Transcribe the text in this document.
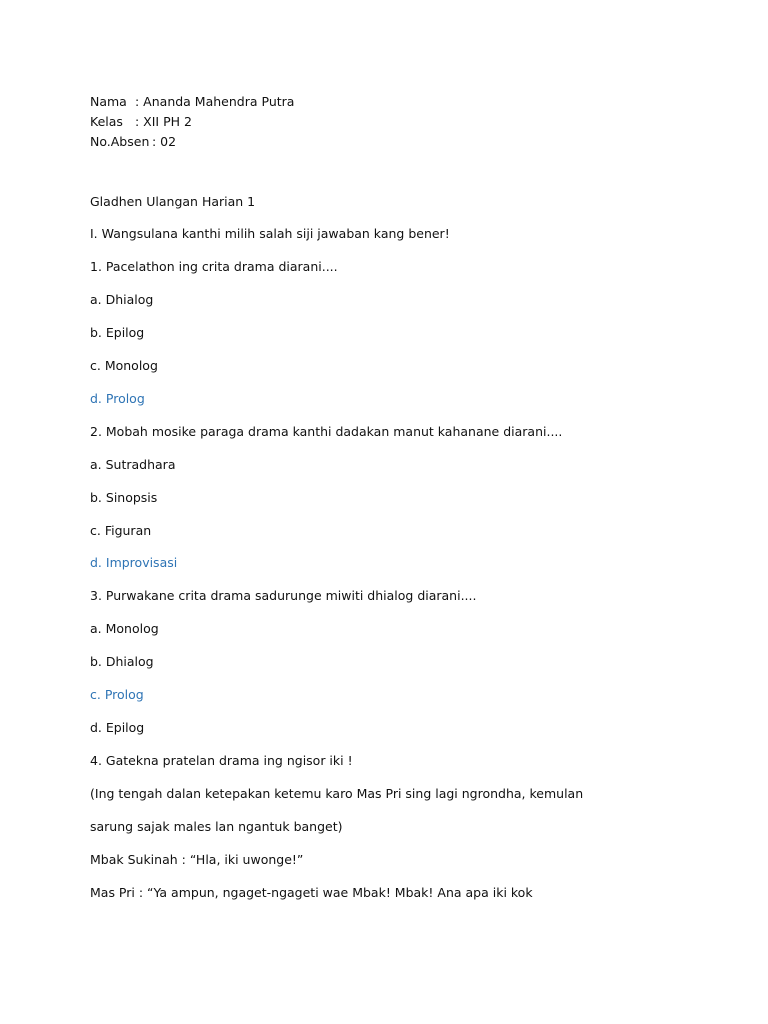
Nama : Ananda Mahendra Putra
Kelas : XII PH 2
No.Absen : 02
Gladhen Ulangan Harian 1
I. Wangsulana kanthi milih salah siji jawaban kang bener!
1. Pacelathon ing crita drama diarani....
a. Dhialog
b. Epilog
c. Monolog
d. Prolog
2. Mobah mosike paraga drama kanthi dadakan manut kahanane diarani....
a. Sutradhara
b. Sinopsis
c. Figuran
d. Improvisasi
3. Purwakane crita drama sadurunge miwiti dhialog diarani....
a. Monolog
b. Dhialog
c. Prolog
d. Epilog
4. Gatekna pratelan drama ing ngisor iki !
(Ing tengah dalan ketepakan ketemu karo Mas Pri sing lagi ngrondha, kemulan
sarung sajak males lan ngantuk banget)
Mbak Sukinah : “Hla, iki uwonge!”
Mas Pri : “Ya ampun, ngaget-ngageti wae Mbak! Mbak! Ana apa iki kok
